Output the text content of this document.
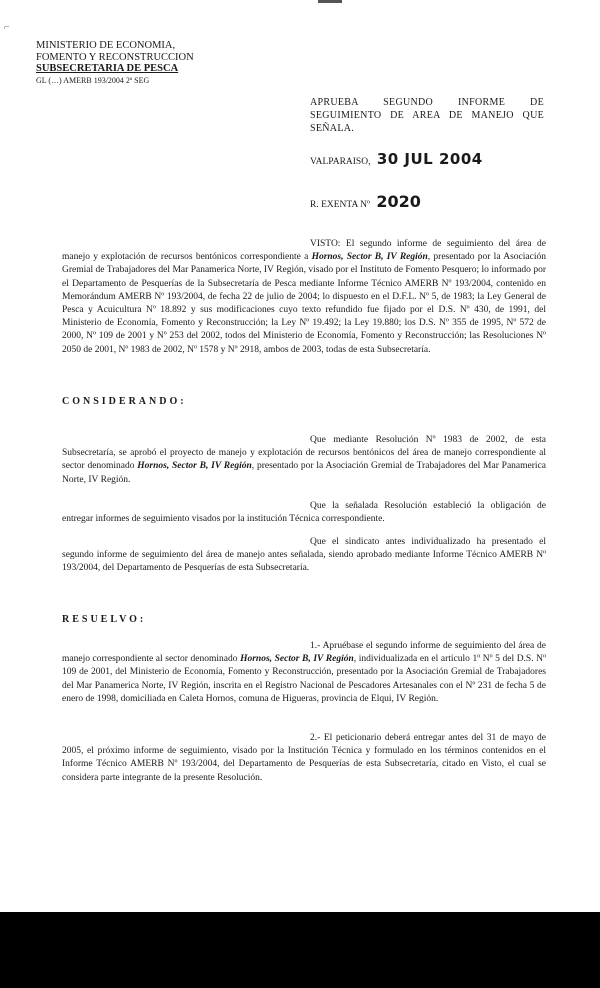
⌐
MINISTERIO DE ECONOMIA,
FOMENTO Y RECONSTRUCCION
SUBSECRETARIA DE PESCA
GL (…) AMERB 193/2004 2ª SEG
APRUEBA SEGUNDO INFORME DE SEGUIMIENTO DE AREA DE MANEJO QUE SEÑALA.
VALPARAISO, 30 JUL 2004
R. EXENTA Nº 2020
VISTO: El segundo informe de seguimiento del área de manejo y explotación de recursos bentónicos correspondiente a Hornos, Sector B, IV Región, presentado por la Asociación Gremial de Trabajadores del Mar Panamerica Norte, IV Región, visado por el Instituto de Fomento Pesquero; lo informado por el Departamento de Pesquerías de la Subsecretaría de Pesca mediante Informe Técnico AMERB Nº 193/2004, contenido en Memorándum AMERB Nº 193/2004, de fecha 22 de julio de 2004; lo dispuesto en el D.F.L. Nº 5, de 1983; la Ley General de Pesca y Acuicultura Nº 18.892 y sus modificaciones cuyo texto refundido fue fijado por el D.S. Nº 430, de 1991, del Ministerio de Economía, Fomento y Reconstrucción; la Ley Nº 19.492; la Ley 19.880; los D.S. Nº 355 de 1995, Nº 572 de 2000, Nº 109 de 2001 y Nº 253 del 2002, todos del Ministerio de Economía, Fomento y Reconstrucción; las Resoluciones Nº 2050 de 2001, Nº 1983 de 2002, Nº 1578 y Nº 2918, ambos de 2003, todas de esta Subsecretaría.
CONSIDERANDO:
Que mediante Resolución Nº 1983 de 2002, de esta Subsecretaría, se aprobó el proyecto de manejo y explotación de recursos bentónicos del área de manejo correspondiente al sector denominado Hornos, Sector B, IV Región, presentado por la Asociación Gremial de Trabajadores del Mar Panamerica Norte, IV Región.
Que la señalada Resolución estableció la obligación de entregar informes de seguimiento visados por la institución Técnica correspondiente.
Que el sindicato antes individualizado ha presentado el segundo informe de seguimiento del área de manejo antes señalada, siendo aprobado mediante Informe Técnico AMERB Nº 193/2004, del Departamento de Pesquerías de esta Subsecretaría.
RESUELVO:
1.- Apruébase el segundo informe de seguimiento del área de manejo correspondiente al sector denominado Hornos, Sector B, IV Región, individualizada en el artículo 1º Nº 5 del D.S. Nº 109 de 2001, del Ministerio de Economía, Fomento y Reconstrucción, presentado por la Asociación Gremial de Trabajadores del Mar Panamerica Norte, IV Región, inscrita en el Registro Nacional de Pescadores Artesanales con el Nº 231 de fecha 5 de enero de 1998, domiciliada en Caleta Hornos, comuna de Higueras, provincia de Elqui, IV Región.
2.- El peticionario deberá entregar antes del 31 de mayo de 2005, el próximo informe de seguimiento, visado por la Institución Técnica y formulado en los términos contenidos en el Informe Técnico AMERB Nº 193/2004, del Departamento de Pesquerías de esta Subsecretaría, citado en Visto, el cual se considera parte integrante de la presente Resolución.
